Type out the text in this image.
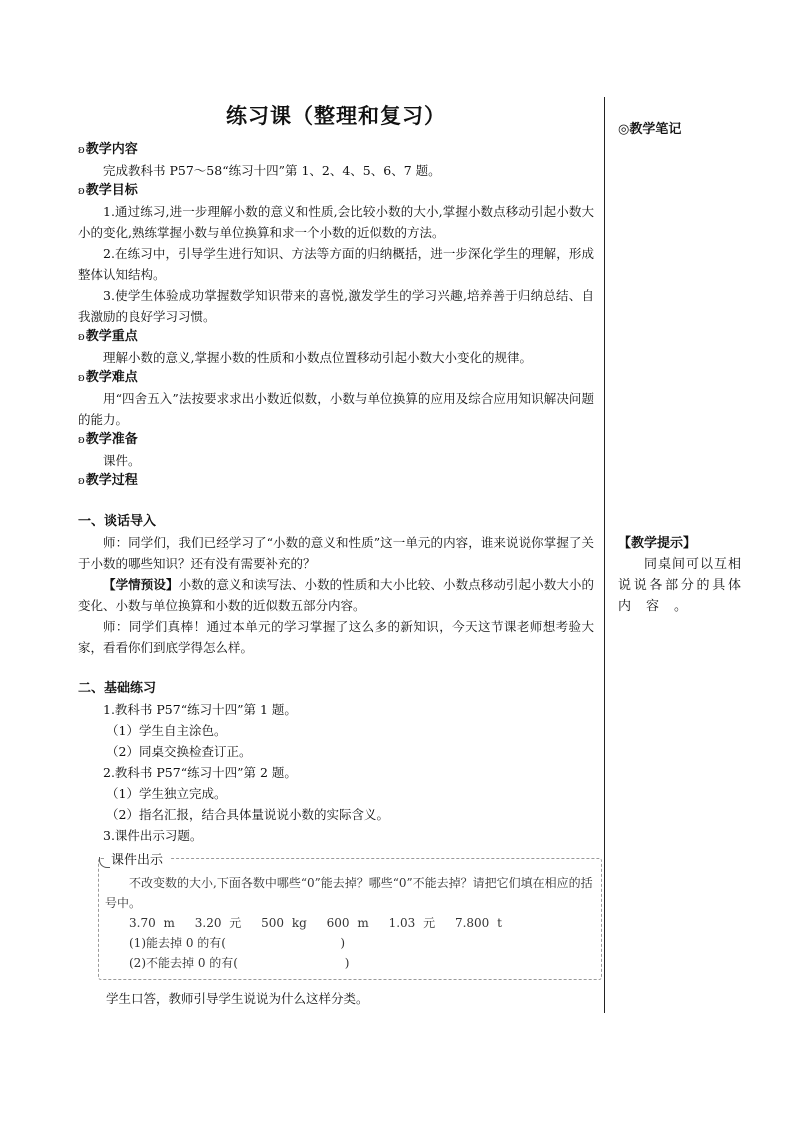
练习课（整理和复习）

ʚ教学内容

完成教科书 P57～58“练习十四”第 1、2、4、5、6、7 题。

ʚ教学目标

1.通过练习,进一步理解小数的意义和性质,会比较小数的大小,掌握小数点移动引起小数大小的变化,熟练掌握小数与单位换算和求一个小数的近似数的方法。

2.在练习中，引导学生进行知识、方法等方面的归纳概括，进一步深化学生的理解，形成整体认知结构。

3.使学生体验成功掌握数学知识带来的喜悦,激发学生的学习兴趣,培养善于归纳总结、自我激励的良好学习习惯。

ʚ教学重点

理解小数的意义,掌握小数的性质和小数点位置移动引起小数大小变化的规律。

ʚ教学难点

用“四舍五入”法按要求求出小数近似数，小数与单位换算的应用及综合应用知识解决问题的能力。

ʚ教学准备

课件。

ʚ教学过程

一、谈话导入

师：同学们，我们已经学习了“小数的意义和性质”这一单元的内容，谁来说说你掌握了关于小数的哪些知识？还有没有需要补充的？

【学情预设】小数的意义和读写法、小数的性质和大小比较、小数点移动引起小数大小的变化、小数与单位换算和小数的近似数五部分内容。

师：同学们真棒！通过本单元的学习掌握了这么多的新知识，今天这节课老师想考验大家，看看你们到底学得怎么样。

二、基础练习

1.教科书 P57“练习十四”第 1 题。

（1）学生自主涂色。

（2）同桌交换检查订正。

2.教科书 P57“练习十四”第 2 题。

（1）学生独立完成。

（2）指名汇报，结合具体量说说小数的实际含义。

3.课件出示习题。

课件出示

不改变数的大小,下面各数中哪些“0”能去掉？哪些“0”不能去掉？请把它们填在相应的括号中。

3.70 m 3.20 元 500 kg 600 m 1.03 元 7.800 t

(1)能去掉 0 的有(                              )

(2)不能去掉 0 的有(                            )

学生口答，教师引导学生说说为什么这样分类。

◎教学笔记

【教学提示】

同桌间可以互相说说各部分的具体　内　容　。
